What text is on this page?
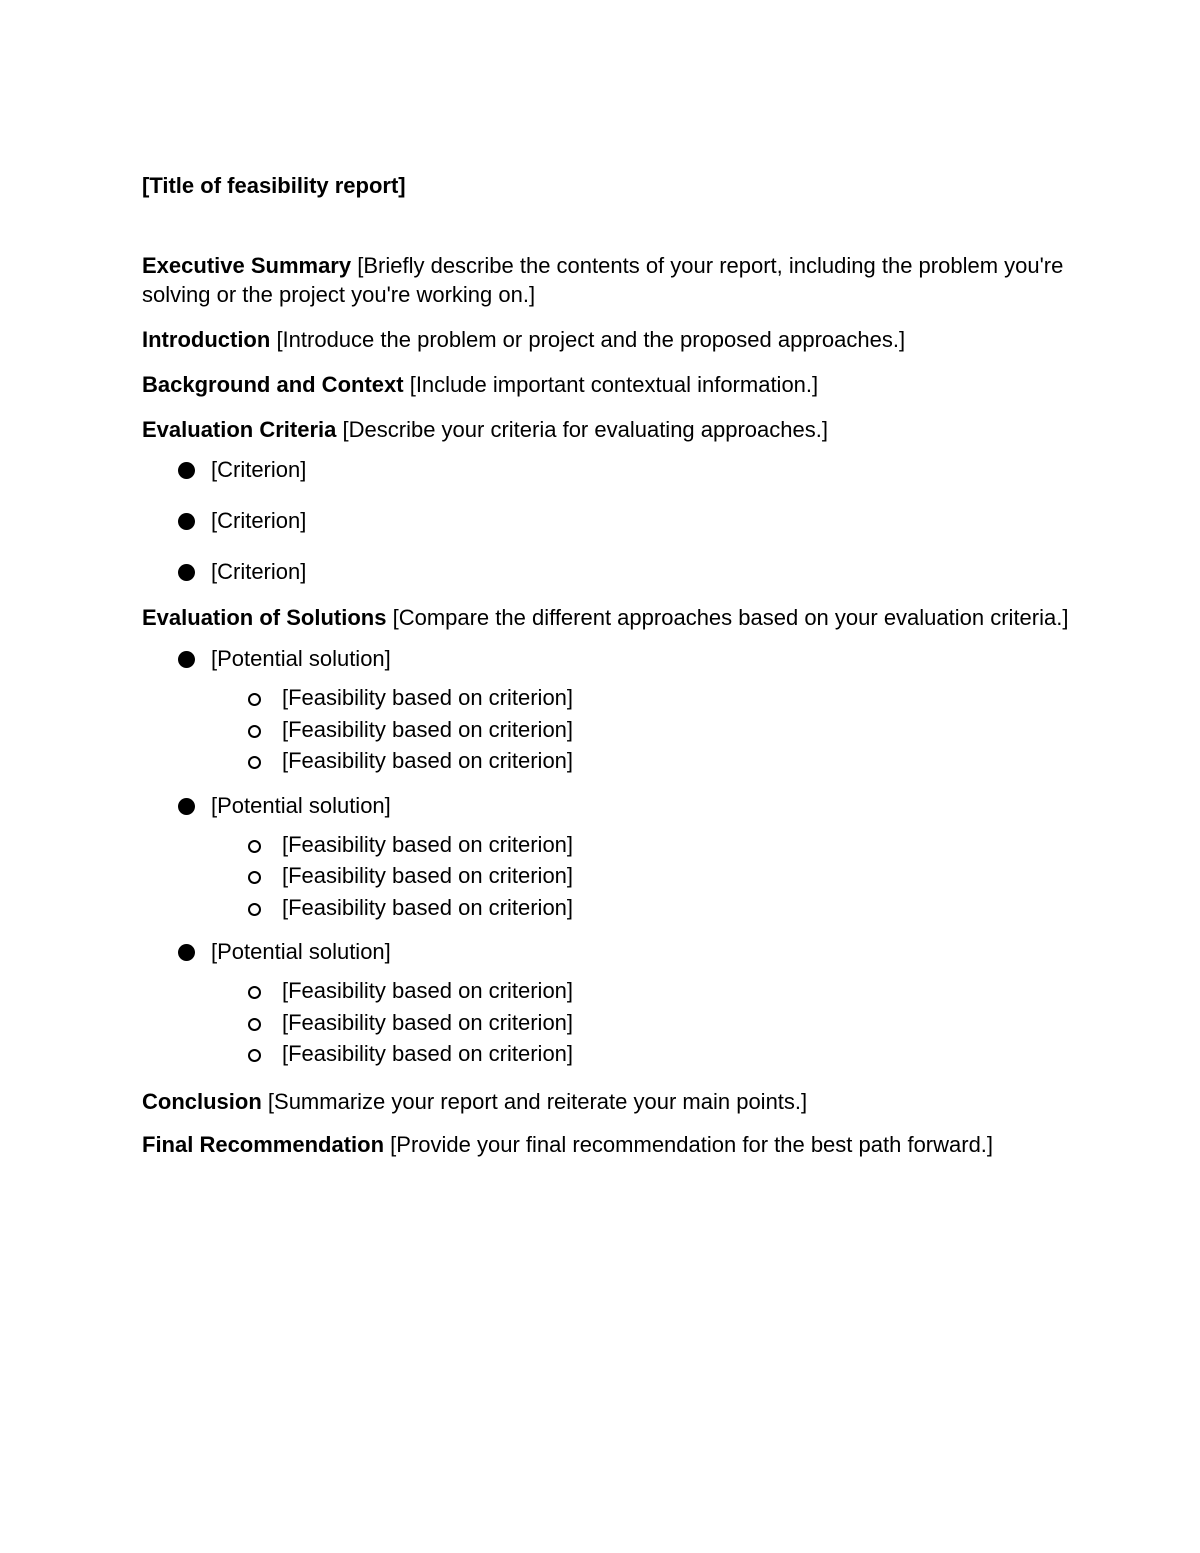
[Title of feasibility report]

Executive Summary [Briefly describe the contents of your report, including the problem you're solving or the project you're working on.]

Introduction [Introduce the problem or project and the proposed approaches.]

Background and Context [Include important contextual information.]

Evaluation Criteria [Describe your criteria for evaluating approaches.]

[Criterion]
[Criterion]
[Criterion]

Evaluation of Solutions [Compare the different approaches based on your evaluation criteria.]

[Potential solution]
[Feasibility based on criterion]
[Feasibility based on criterion]
[Feasibility based on criterion]
[Potential solution]
[Feasibility based on criterion]
[Feasibility based on criterion]
[Feasibility based on criterion]
[Potential solution]
[Feasibility based on criterion]
[Feasibility based on criterion]
[Feasibility based on criterion]

Conclusion [Summarize your report and reiterate your main points.]

Final Recommendation [Provide your final recommendation for the best path forward.]
